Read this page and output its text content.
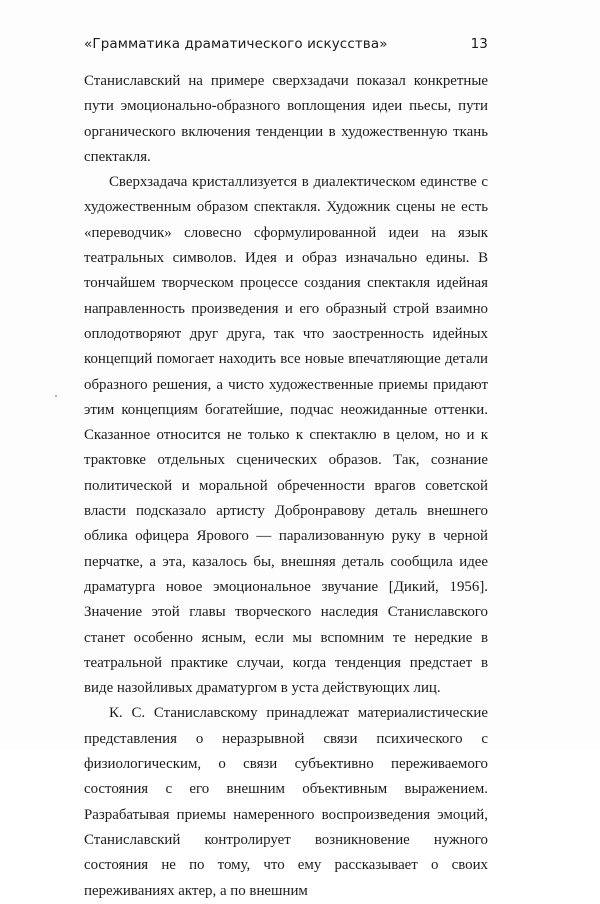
«Грамматика драматического искусства»	13

Станиславский на примере сверхзадачи показал конкретные пути эмоционально-образного воплощения идеи пьесы, пути органического включения тенденции в художественную ткань спектакля.

Сверхзадача кристаллизуется в диалектическом единстве с художественным образом спектакля. Художник сцены не есть «переводчик» словесно сформулированной идеи на язык театральных символов. Идея и образ изначально едины. В тончайшем творческом процессе создания спектакля идейная направленность произведения и его образный строй взаимно оплодотворяют друг друга, так что заостренность идейных концепций помогает находить все новые впечатляющие детали образного решения, а чисто художественные приемы придают этим концепциям богатейшие, подчас неожиданные оттенки. Сказанное относится не только к спектаклю в целом, но и к трактовке отдельных сценических образов. Так, сознание политической и моральной обреченности врагов советской власти подсказало артисту Добронравову деталь внешнего облика офицера Ярового — парализованную руку в черной перчатке, а эта, казалось бы, внешняя деталь сообщила идее драматурга новое эмоциональное звучание [Дикий, 1956]. Значение этой главы творческого наследия Станиславского станет особенно ясным, если мы вспомним те нередкие в театральной практике случаи, когда тенденция предстает в виде назойливых драматургом в уста действующих лиц.

К. С. Станиславскому принадлежат материалистические представления о неразрывной связи психического с физиологическим, о связи субъективно переживаемого состояния с его внешним объективным выражением. Разрабатывая приемы намеренного воспроизведения эмоций, Станиславский контролирует возникновение нужного состояния не по тому, что ему рассказывает о своих переживаниях актер, а по внешним
